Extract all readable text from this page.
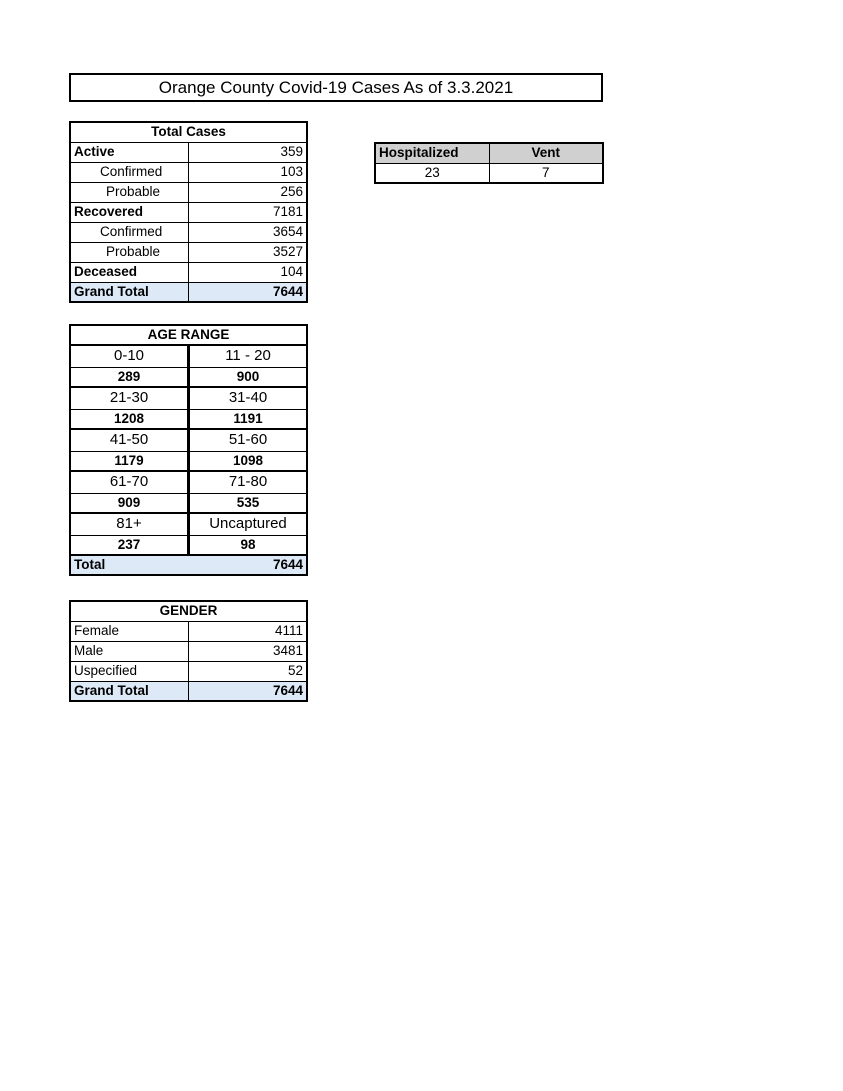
Orange County Covid-19 Cases As of 3.3.2021
Total Cases	
Active	359
Confirmed	103
Probable	256
Recovered	7181
Confirmed	3654
Probable	3527
Deceased	104
Grand Total	7644
Hospitalized	Vent
23	7
AGE RANGE	
0-10	11 - 20
289	900
21-30	31-40
1208	1191
41-50	51-60
1179	1098
61-70	71-80
909	535
81+	Uncaptured
237	98
Total	7644
GENDER	
Female	4111
Male	3481
Uspecified	52
Grand Total	7644
